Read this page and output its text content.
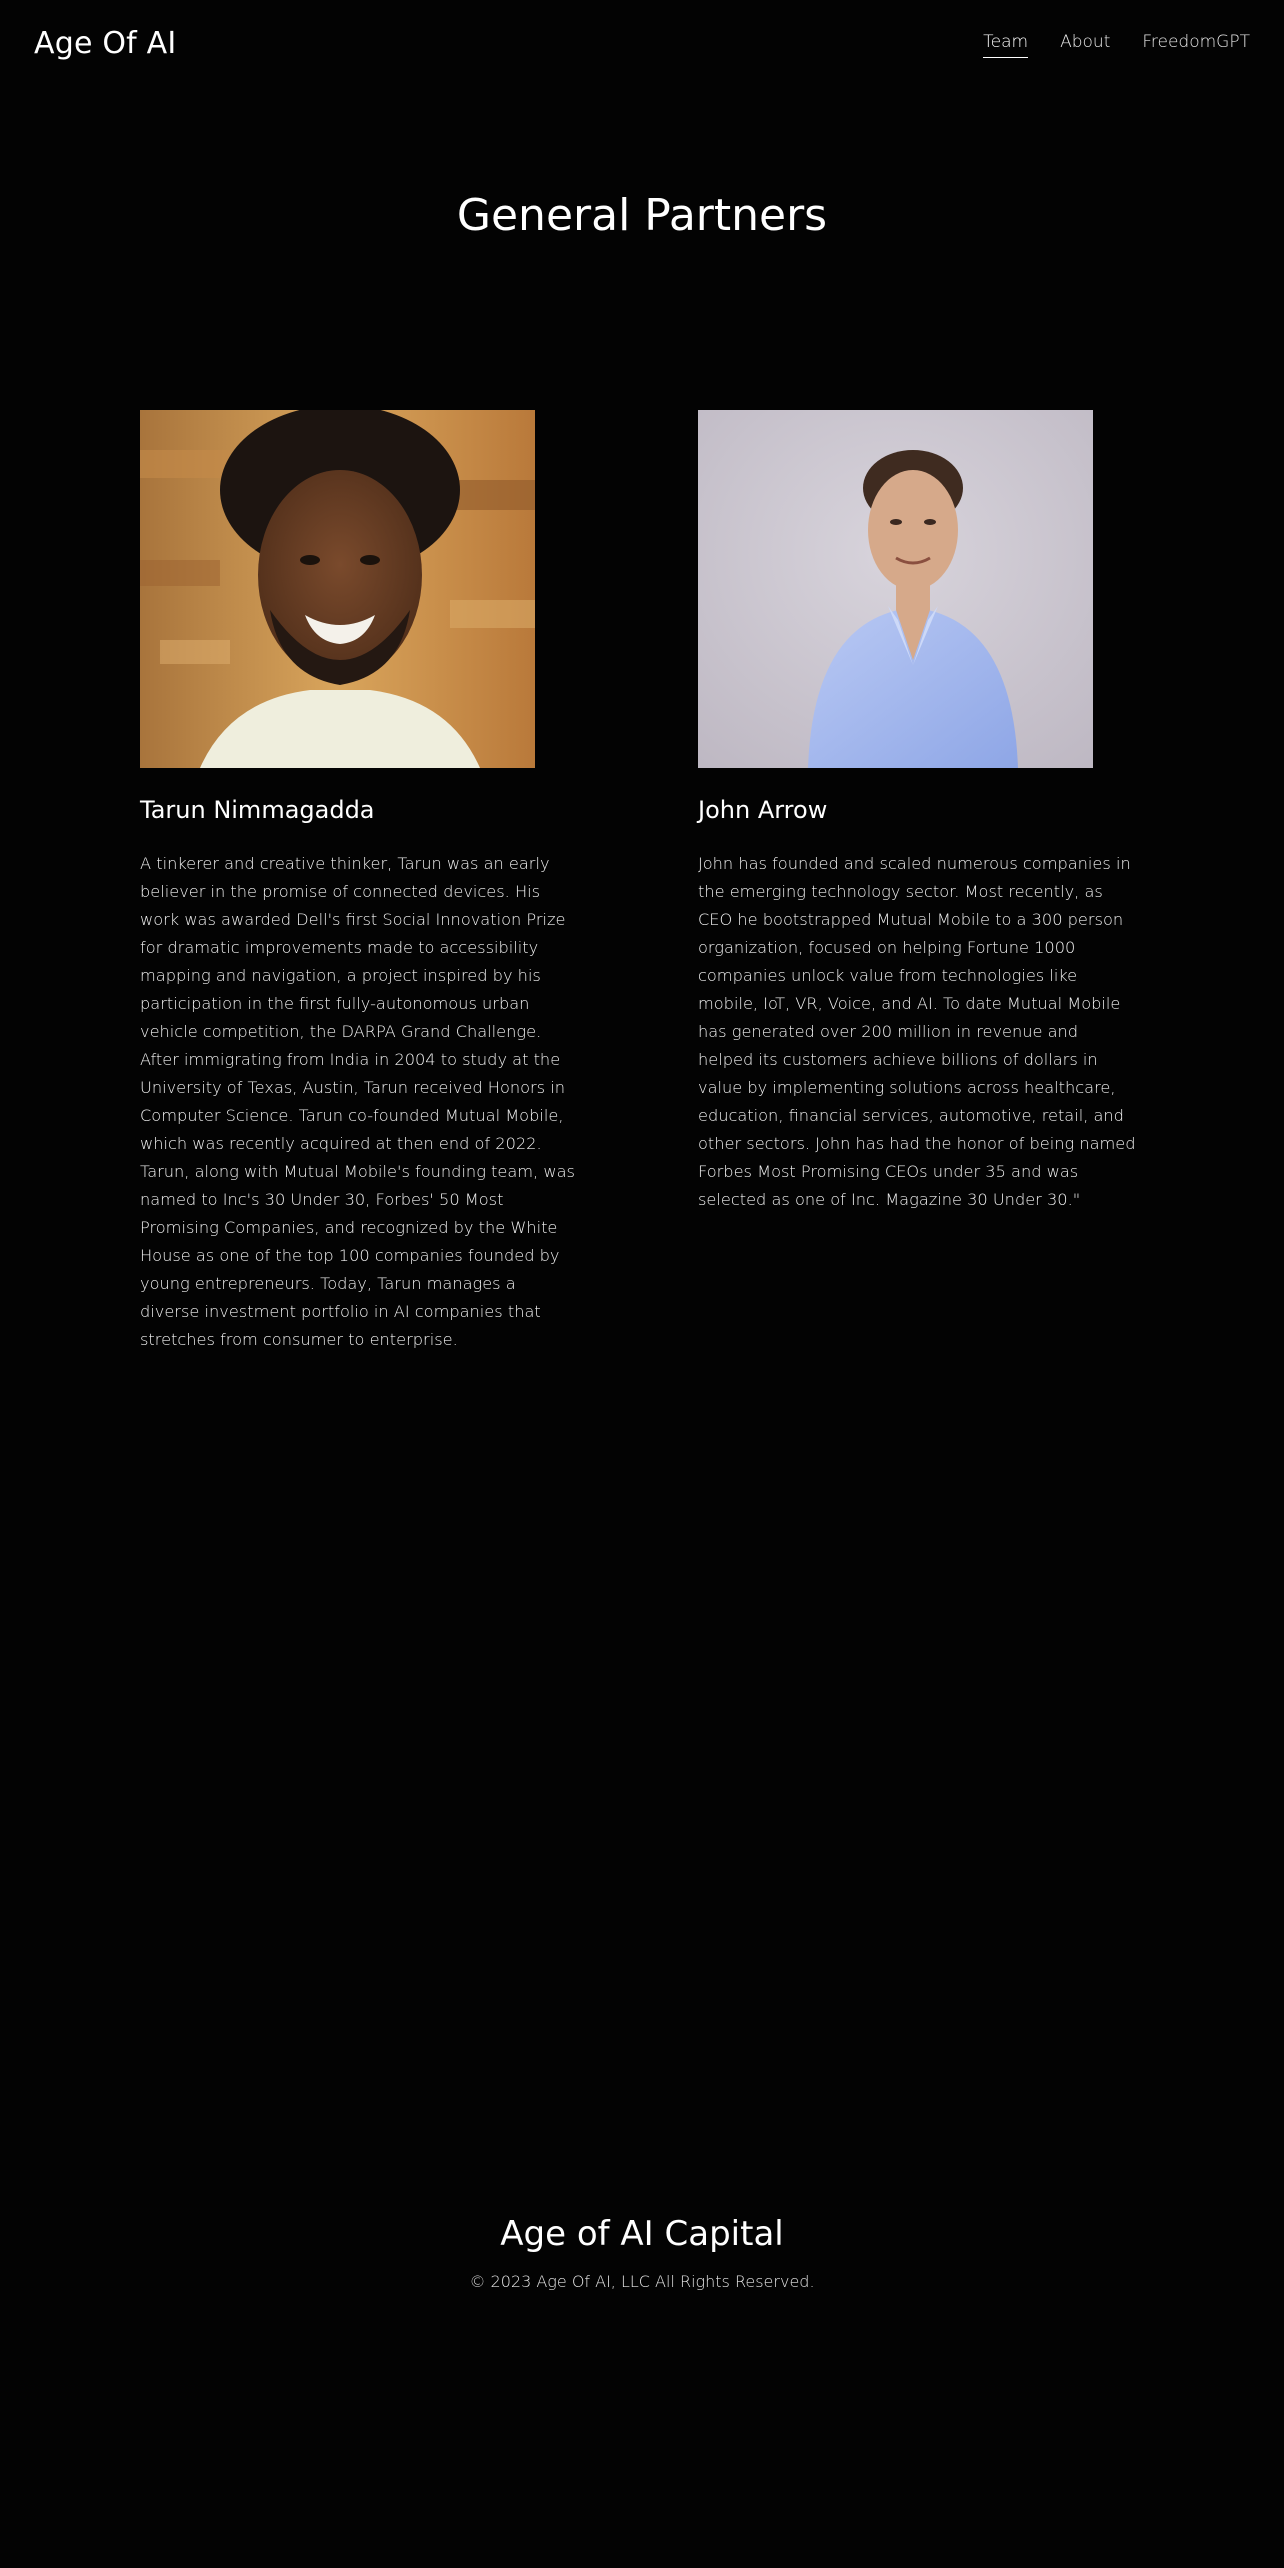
Age Of AI	Team About FreedomGPT
General Partners
Tarun Nimmagadda
A tinkerer and creative thinker, Tarun was an early believer in the promise of connected devices. His work was awarded Dell's first Social Innovation Prize for dramatic improvements made to accessibility mapping and navigation, a project inspired by his participation in the first fully-autonomous urban vehicle competition, the DARPA Grand Challenge. After immigrating from India in 2004 to study at the University of Texas, Austin, Tarun received Honors in Computer Science. Tarun co-founded Mutual Mobile, which was recently acquired at then end of 2022. Tarun, along with Mutual Mobile's founding team, was named to Inc's 30 Under 30, Forbes' 50 Most Promising Companies, and recognized by the White House as one of the top 100 companies founded by young entrepreneurs. Today, Tarun manages a diverse investment portfolio in AI companies that stretches from consumer to enterprise.
John Arrow
John has founded and scaled numerous companies in the emerging technology sector. Most recently, as CEO he bootstrapped Mutual Mobile to a 300 person organization, focused on helping Fortune 1000 companies unlock value from technologies like mobile, IoT, VR, Voice, and AI. To date Mutual Mobile has generated over 200 million in revenue and helped its customers achieve billions of dollars in value by implementing solutions across healthcare, education, financial services, automotive, retail, and other sectors. John has had the honor of being named Forbes Most Promising CEOs under 35 and was selected as one of Inc. Magazine 30 Under 30."
Age of AI Capital
© 2023 Age Of AI, LLC All Rights Reserved.
